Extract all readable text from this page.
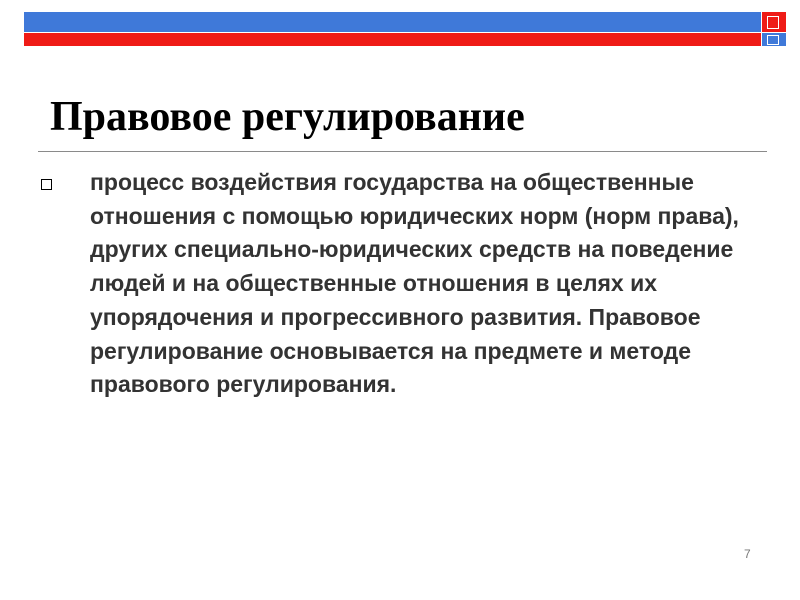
Правовое регулирование

процесс воздействия государства на общественные отношения с помощью юридических норм (норм права), других специально-юридических средств на поведение людей и на общественные отношения в целях их упорядочения и прогрессивного развития. Правовое регулирование основывается на предмете и методе правового регулирования.

7
